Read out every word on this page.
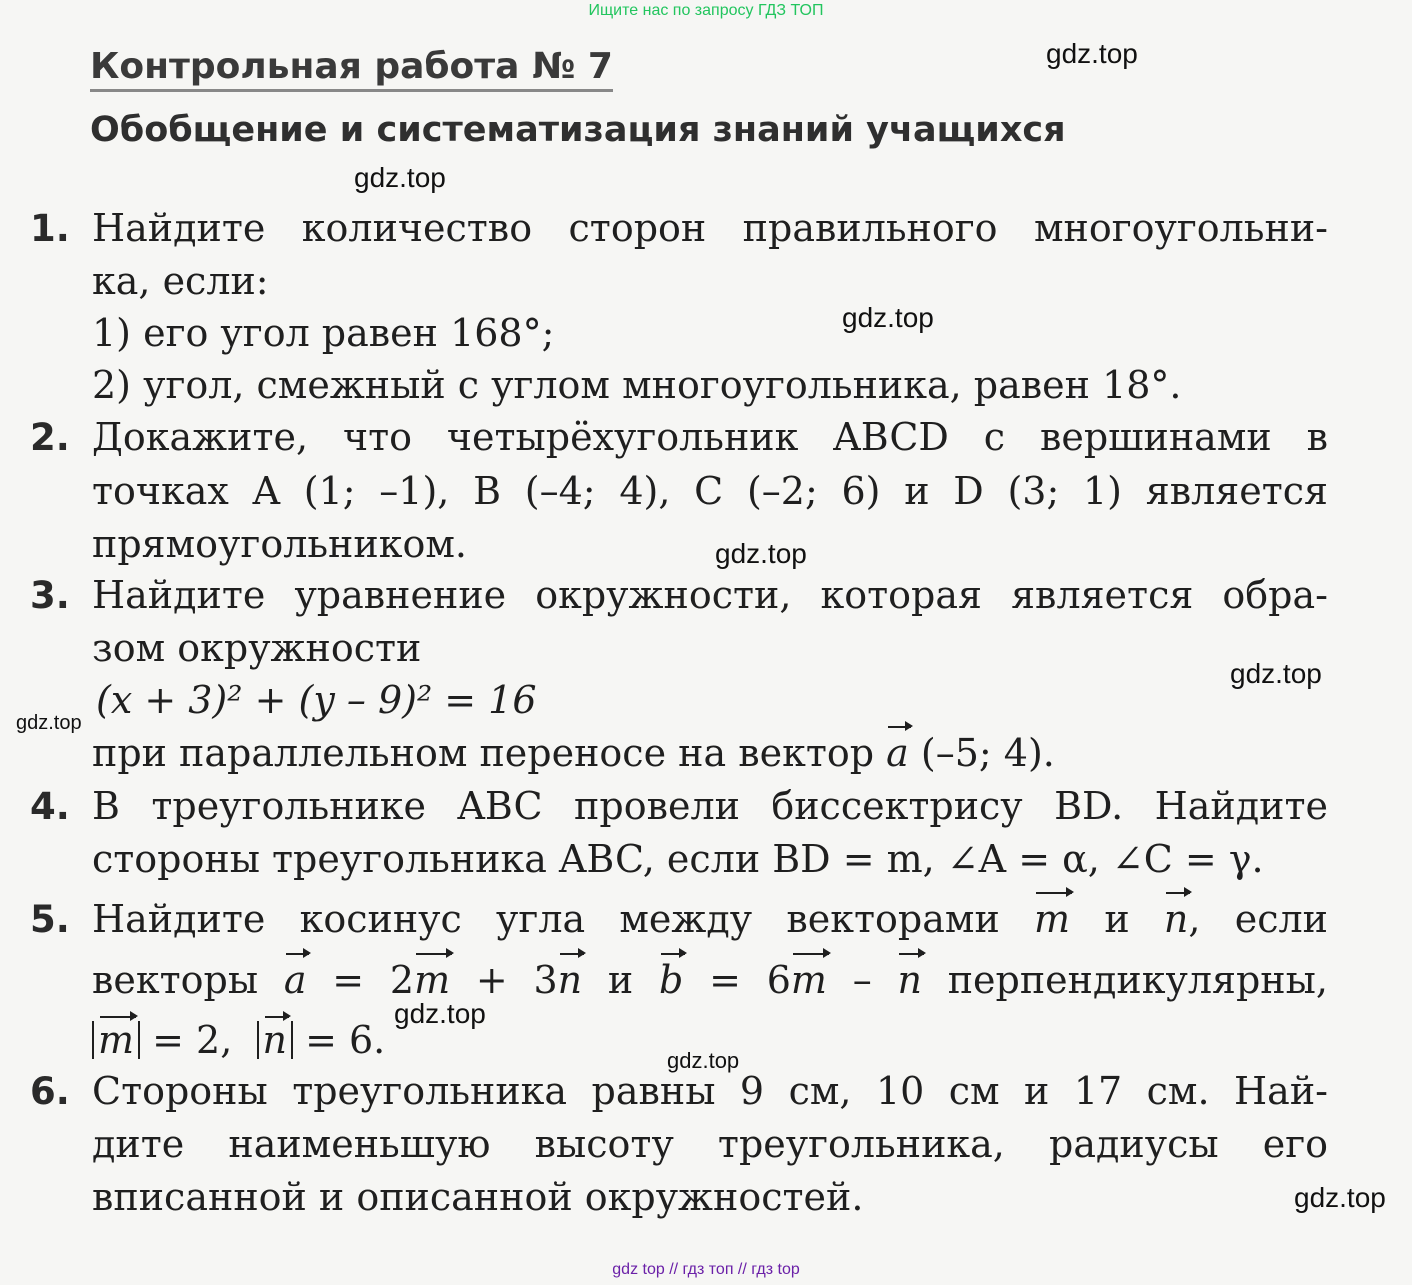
Ищите нас по запросу ГДЗ ТОП
Контрольная работа № 7
Обобщение и систематизация знаний учащихся
1. Найдите количество сторон правильного многоугольни-
ка, если:
1) его угол равен 168°;
2) угол, смежный с углом многоугольника, равен 18°.
2. Докажите, что четырёхугольник ABCD с вершинами в
точках A (1; –1), B (–4; 4), C (–2; 6) и D (3; 1) является
прямоугольником.
3. Найдите уравнение окружности, которая является обра-
зом окружности
(x + 3)² + (y – 9)² = 16
при параллельном переносе на вектор a (–5; 4).
4. В треугольнике ABC провели биссектрису BD. Найдите
стороны треугольника ABC, если BD = m, ∠A = α, ∠C = γ.
5. Найдите косинус угла между векторами m и n, если
векторы a = 2m + 3n и b = 6m – n перпендикулярны,
m = 2, n = 6.
6. Стороны треугольника равны 9 см, 10 см и 17 см. Най-
дите наименьшую высоту треугольника, радиусы его
вписанной и описанной окружностей.
gdz.top
gdz.top
gdz.top
gdz.top
gdz.top
gdz.top
gdz.top
gdz.top
gdz.top
gdz top // гдз топ // гдз top
